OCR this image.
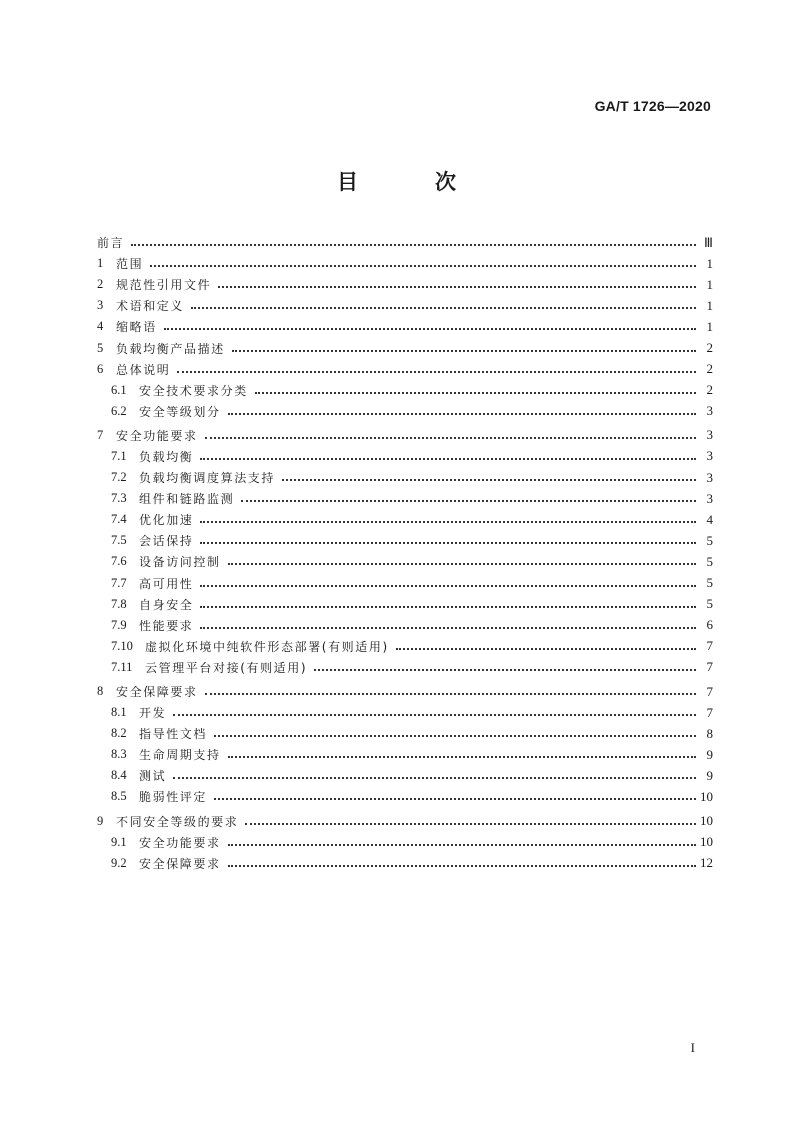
GA/T 1726—2020
目　次
前言	Ⅲ
1	范围	1
2	规范性引用文件	1
3	术语和定义	1
4	缩略语	1
5	负载均衡产品描述	2
6	总体说明	2
6.1	安全技术要求分类	2
6.2	安全等级划分	3
7	安全功能要求	3
7.1	负载均衡	3
7.2	负载均衡调度算法支持	3
7.3	组件和链路监测	3
7.4	优化加速	4
7.5	会话保持	5
7.6	设备访问控制	5
7.7	高可用性	5
7.8	自身安全	5
7.9	性能要求	6
7.10	虚拟化环境中纯软件形态部署(有则适用)	7
7.11	云管理平台对接(有则适用)	7
8	安全保障要求	7
8.1	开发	7
8.2	指导性文档	8
8.3	生命周期支持	9
8.4	测试	9
8.5	脆弱性评定	10
9	不同安全等级的要求	10
9.1	安全功能要求	10
9.2	安全保障要求	12
I
